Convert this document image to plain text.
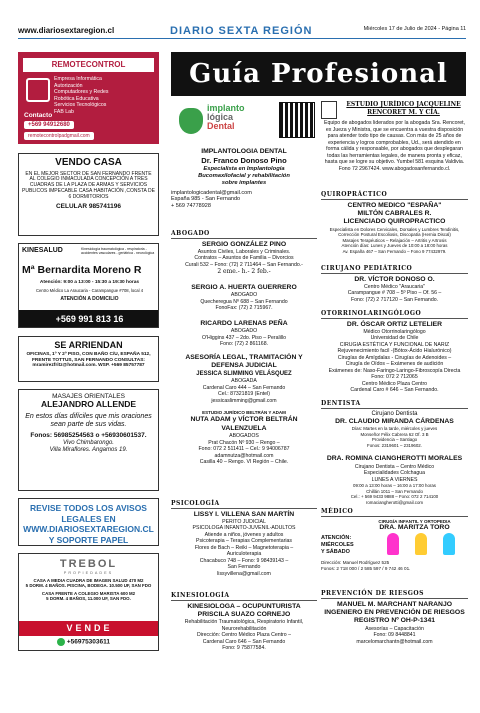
www.diariosextaregion.cl	DIARIO SEXTA REGIÓN	Miércoles 17 de Julio de 2024 - Página 11
REMOTECONTROL
Empresa Informática
Autorización
Computadores y Redes
Robótica Educativa
Servicios Tecnológicos
FAB Lab
Contacto
+569 94912680
remotecontrolpadgmail.com
VENDO CASA
EN EL MEJOR SECTOR DE SAN FERNANDO FRENTE AL COLEGIO INMACULADA CONCEPCIÓN A TRES CUADRAS DE LA PLAZA DE ARMAS Y SERVICIOS PUBLICOS IMPECABLE CASA HABITACIÓN ,CONSTA DE 6 DORMITORIOS
CELULAR 985741196
KINESALUD	Kinesiología traumatológica - respiratoria - accidentes vasculares - geriátrica - neurológica
Mª Bernardita Moreno R
Atención: 9:00 a 13:00 - 15:30 a 19:30 horas
Centro Médico La Araucaria - Carampangue #708, local 4
ATENCIÓN A DOMICILIO
+569 991 813 16
SE ARRIENDAN
OFICINAS, 1º Y 2º PISO, CON BAÑO C/U, ESPAÑA 512, FRENTE TOTTUS, SAN FERNANDO CONSULTAS: mramirezfritz@hotmail.com. WSP. +569 85757787
MASAJES ORIENTALES
ALEJANDRO ALLENDE
En estos días difíciles que mis oraciones sean parte de sus vidas.
Fonos: 56985254563 o +56930601537.
Vivo Chimbarongo.
Villa Miraflores. Angamos 19.
REVISE TODOS LOS AVISOS LEGALES EN WWW.DIARIOSEXTAREGION.CL Y SOPORTE PAPEL
TREBOL
PROPIEDADES
CASA A MEDIA CUADRA DE IMAGEN SALUD 470 M2
5 DORM. 4 BAÑOS. PISCINA, BODEGA. 10.500 UF, SAN FDO
CASA FRENTE A COLEGIO MARISTA 600 M2
5 DORM. 4 BAÑOS, 11.000 UF, SAN FDO.
VENDE
+56975303611
Guía Profesional
implanto
lógica
Dental
IMPLANTOLOGIA DENTAL
Dr. Franco Donoso Pino
Especialista en Implantología
Bucomaxilofacial y rehabilitación
sobre implantes
implantologicadental@gmail.com
España 985 - San Fernando
+ 569 74778928
ABOGADO
SERGIO GONZÁLEZ PINO
Asuntos Civiles, Laborales y Criminales.
Contratos – Asuntos de Familia – Divorcios
Curali 532 – Fono: (72) 2 711464 – San Fernando.-
2 eme.- h.- 2 feb.-
SERGIO A. HUERTA GUERRERO
ABOGADO
Quecheregua Nº 688 – San Fernando
FonoFax: (72) 2 715967.
RICARDO LARENAS PEÑA
ABOGADO
O'Higgins 437 – 2do. Piso – Peralillo
Fono: (72) 2 861168.
ASESORÍA LEGAL, TRAMITACIÓN Y DEFENSA JUDICIAL
JESSICA SLIMMING VELÁSQUEZ
ABOGADA
Cardenal Caro 444 – San Fernando
Cel.: 87321819 (Entel)
jessicaslimming@gmail.com
ESTUDIO JURÍDICO BELTRÁN Y ADAM
NUTA ADAM y VÍCTOR BELTRÁN VALENZUELA
ABOGADOS
Prat Chacón Nº 930 – Rengo –
Fono: 072 2 511411 – Cel.: 9 94006787
adamnutza@hotmail.com
Casilla 40 – Rengo. VI Región – Chile.
PSICOLOGÍA
LISSY I. VILLENA SAN MARTÍN
PERITO JUDICIAL
PSICOLOGA INFANTO-JUVENIL-ADULTOS
Atiende a niños, jóvenes y adultos
Psicoterapia – Terapias Complementarias
Flores de Bach – Reiki – Magnetoterapia –
Auriculoterapia
Chacabuco 748 – Fono: 9 98439143 –
San Fernando
lissyvillena@gmail.com
KINESIOLOGÍA
KINESIOLOGA – OCUPUNTURISTA
PRISCILA SUAZO CORNEJO
Rehabilitación Traumatológica, Respiratorio Infantil, Neurorehabilitación
Dirección: Centro Médico Plaza Centro –
Cardenal Caro 646 – San Fernando
Fono: 9 75877584.
ESTUDIO JURÍDICO JACQUELINE
RENCORET M. Y CÍA.
Equipo de abogados liderados por la abogada Sra. Rencoret, ex Jueza y Ministra, que se encuentra a vuestra disposición para atender todo tipo de causas. Con más de 25 años de experiencia y logros comprobables, Ud., será atendido en forma cálida y responsable, por abogados que desplegaran todas las herramientas legales, de manera pronta y eficaz, hasta que se logre su objetivo. Yumbel 581 esquina Valdivia. Fono 72 2967424. www.abogadosanfernando.cl.
QUIROPRÁCTICO
CENTRO MEDICO "ESPAÑA"
MILTÓN CABRALES R.
LICENCIADO QUIROPRACTICO
Especialista en Dolores Cervicales, Dorsales y Lumbres Tendinitis, Corrección Postural Escoliosis, Discopatía (Hernia Discal)
Masajes Terapéuticos – Relajación – Artritis y Artrosis
Atención días: Lunes y Jueves de 10:00 a 18:00 horas
Av. España 467 – San Fernando – Fono 9 77432979.
CIRUJANO PEDIÁTRICO
DR. VÍCTOR DONOSO O.
Centro Médico "Araucaria"
Carampangue # 708 – 5º Piso – Of. 56 –
Fono: (72) 2 717120 – San Fernando.
OTORRINOLARINGÓLOGO
DR. ÓSCAR ORTIZ LETELIER
Médico Otorrinolaringólogo
Universidad de Chile
CIRUGIA ESTÉTICA Y FUNCIONAL DE NARIZ
Rejuvenecimiento facil -(Bótox-Ácido Hialurónico)
Cirugías de Amígdalas - Cirugías de Adenoides –
Cirugía de Oídos – Exámenes de audición
Exámenes de: Naso-Faringo-Laringo-Fibroscopía Directa
Fono: 072 2 712065
Centro Médico Plaza Centro
Cardenal Caro # 646 – San Fernando.
DENTISTA
Cirujano Dentista
DR. CLAUDIO MIRANDA CÁRDENAS
Días: Martes en la tarde, miércoles y jueves
Monseñor Félix Cabrera 62 Of. 3 B
Providencia – Santiago
Fonos: 2319601 – 2319602.
DRA. ROMINA CIANGHEROTTI MORALES
Cirujano Dentista – Centro Médico
Especialidades Colchagua
LUNES A VIERNES
09:00 a 13:00 horas – 16:00 a 17:00 horas
Chillán 1011 – San Fernando
Cel.: + 569 9433 9888 – Fono: 072 2 714100
romaciangherotti@gmail.com
MÉDICO
CIRUGÍA INFANTIL Y ORTOPEDIA
DRA. MARITZA TORO
ATENCIÓN:
MIÉRCOLES
Y SÁBADO
Dirección: Manuel Rodríguez 525
Fonos: 2 718 000 / 2 585 597 / 9 742 46 01.
PREVENCIÓN DE RIESGOS
MANUEL M. MARCHANT NARANJO
INGENIERO EN PREVENCIÓN DE RIESGOS
REGISTRO Nº OH-P-1341
Asesorías – Capacitación
Fono: 09 8448841
marcelomarchantn@hotmail.com
